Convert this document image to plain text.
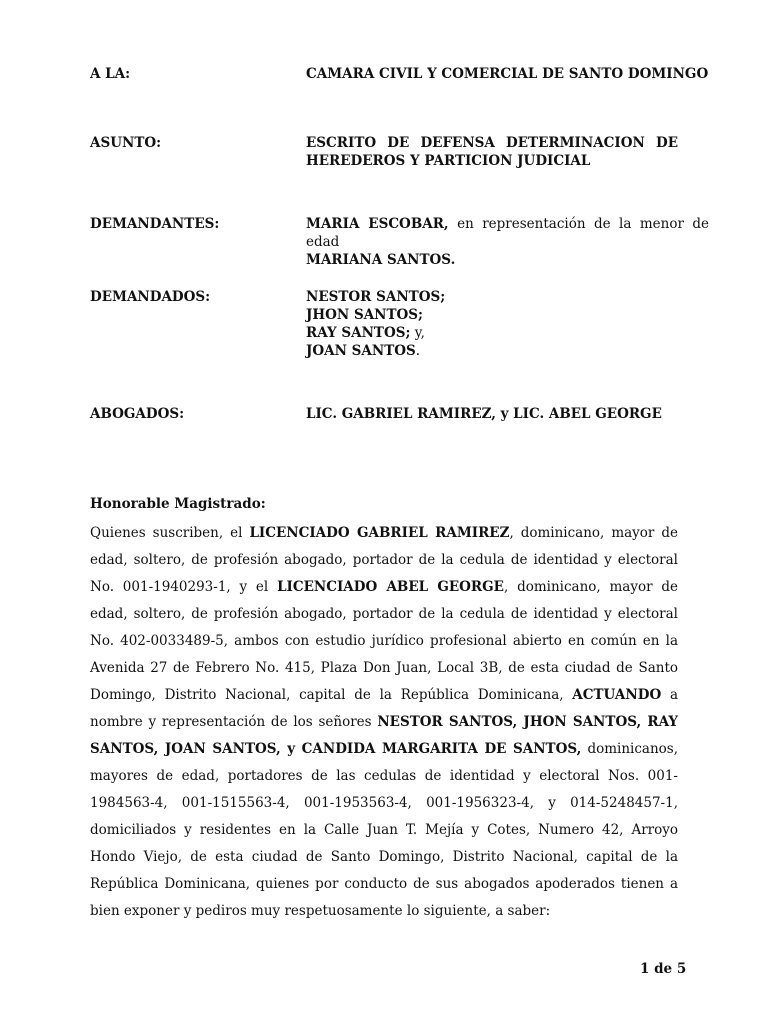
A LA:	CAMARA CIVIL Y COMERCIAL DE SANTO DOMINGO
ASUNTO:	ESCRITO DE DEFENSA DETERMINACION DE
HEREDEROS Y PARTICION JUDICIAL
DEMANDANTES:	MARIA ESCOBAR, en representación de la menor de edad
MARIANA SANTOS.
DEMANDADOS:	NESTOR SANTOS;
JHON SANTOS;
RAY SANTOS; y,
JOAN SANTOS.
ABOGADOS:	LIC. GABRIEL RAMIREZ, y LIC. ABEL GEORGE
Honorable Magistrado:

Quienes suscriben, el LICENCIADO GABRIEL RAMIREZ, dominicano, mayor de edad, soltero, de profesión abogado, portador de la cedula de identidad y electoral No. 001-1940293-1, y el LICENCIADO ABEL GEORGE, dominicano, mayor de edad, soltero, de profesión abogado, portador de la cedula de identidad y electoral No. 402-0033489-5, ambos con estudio jurídico profesional abierto en común en la Avenida 27 de Febrero No. 415, Plaza Don Juan, Local 3B, de esta ciudad de Santo Domingo, Distrito Nacional, capital de la República Dominicana, ACTUANDO a nombre y representación de los señores NESTOR SANTOS, JHON SANTOS, RAY SANTOS, JOAN SANTOS, y CANDIDA MARGARITA DE SANTOS, dominicanos, mayores de edad, portadores de las cedulas de identidad y electoral Nos. 001-1984563-4, 001-1515563-4, 001-1953563-4, 001-1956323-4, y 014-5248457-1, domiciliados y residentes en la Calle Juan T. Mejía y Cotes, Numero 42, Arroyo Hondo Viejo, de esta ciudad de Santo Domingo, Distrito Nacional, capital de la República Dominicana, quienes por conducto de sus abogados apoderados tienen a bien exponer y pediros muy respetuosamente lo siguiente, a saber:

1 de 5
